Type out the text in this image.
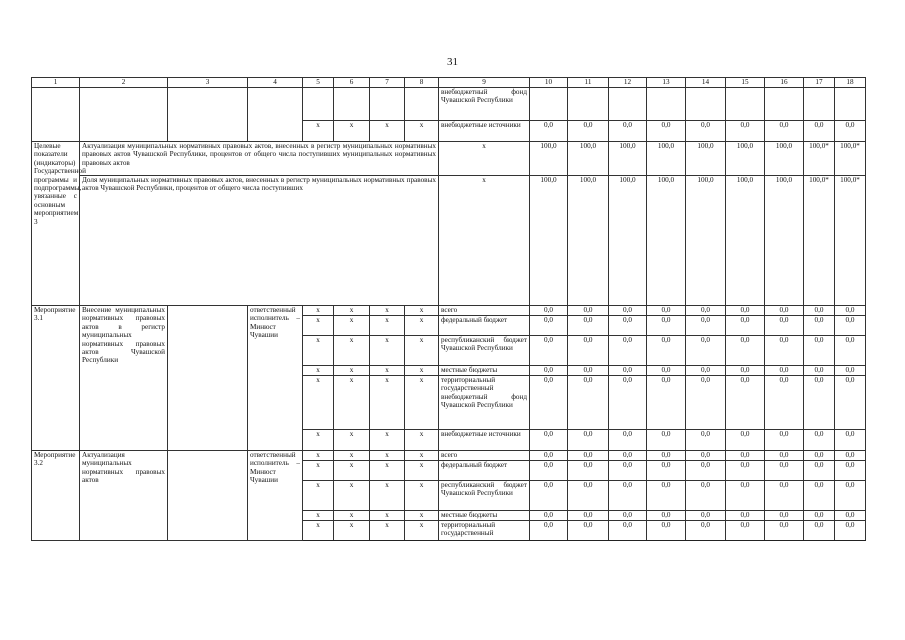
31
1	2	3	4	5	6	7	8	9	10	11	12	13	14	15	16	17	18
								внебюджетный фонд Чувашской Республики									
				x	x	x	x	внебюджетные источники	0,0	0,0	0,0	0,0	0,0	0,0	0,0	0,0	0,0
Целевые показатели (индикаторы) Государственной программы и подпрограммы, увязанные с основным мероприятием 3	Актуализация муниципальных нормативных правовых актов, внесенных в регистр муниципальных нормативных правовых актов Чувашской Республики, процентов от общего числа поступивших муниципальных нормативных правовых актов							x	100,0	100,0	100,0	100,0	100,0	100,0	100,0	100,0*	100,0*
	Доля муниципальных нормативных правовых актов, внесенных в регистр муниципальных нормативных правовых актов Чувашской Республики, процентов от общего числа поступивших							x	100,0	100,0	100,0	100,0	100,0	100,0	100,0	100,0*	100,0*
Мероприятие 3.1	Внесение муниципальных нормативных правовых актов в регистр муниципальных нормативных правовых актов Чувашской Республики		ответственный исполнитель – Минюст Чувашии	x	x	x	x	всего	0,0	0,0	0,0	0,0	0,0	0,0	0,0	0,0	0,0
				x	x	x	x	федеральный бюджет	0,0	0,0	0,0	0,0	0,0	0,0	0,0	0,0	0,0
				x	x	x	x	республиканский бюджет Чувашской Республики	0,0	0,0	0,0	0,0	0,0	0,0	0,0	0,0	0,0
				x	x	x	x	местные бюджеты	0,0	0,0	0,0	0,0	0,0	0,0	0,0	0,0	0,0
				x	x	x	x	территориальный государственный внебюджетный фонд Чувашской Республики	0,0	0,0	0,0	0,0	0,0	0,0	0,0	0,0	0,0
				x	x	x	x	внебюджетные источники	0,0	0,0	0,0	0,0	0,0	0,0	0,0	0,0	0,0
Мероприятие 3.2	Актуализация муниципальных нормативных правовых актов		ответственный исполнитель – Минюст Чувашии	x	x	x	x	всего	0,0	0,0	0,0	0,0	0,0	0,0	0,0	0,0	0,0
				x	x	x	x	федеральный бюджет	0,0	0,0	0,0	0,0	0,0	0,0	0,0	0,0	0,0
				x	x	x	x	республиканский бюджет Чувашской Республики	0,0	0,0	0,0	0,0	0,0	0,0	0,0	0,0	0,0
				x	x	x	x	местные бюджеты	0,0	0,0	0,0	0,0	0,0	0,0	0,0	0,0	0,0
				x	x	x	x	территориальный государственный	0,0	0,0	0,0	0,0	0,0	0,0	0,0	0,0	0,0
